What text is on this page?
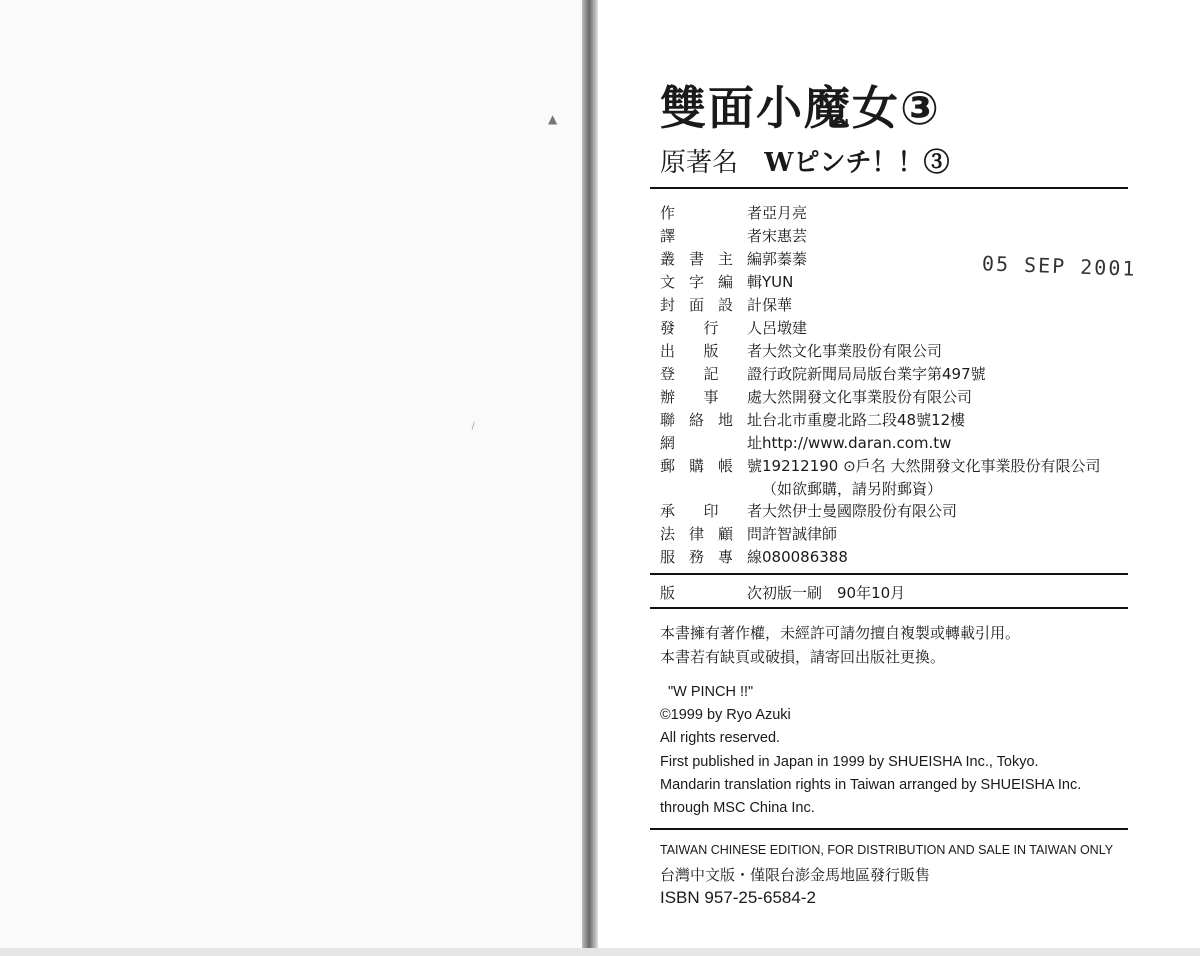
▲
﹨
雙面小魔女③
原著名 Wピンチ！！③
作　　者 亞月亮
譯　　者 宋惠芸
叢書主編 郭蓁蓁
文字編輯 YUN
封面設計 保華
發 行 人 呂墩建
出 版 者 大然文化事業股份有限公司
登 記 證 行政院新聞局局版台業字第497號
辦 事 處 大然開發文化事業股份有限公司
聯絡地址 台北市重慶北路二段48號12樓
網　　址 http://www.daran.com.tw
郵購帳號 19212190 ⊙戶名 大然開發文化事業股份有限公司
（如欲郵購，請另附郵資）
承 印 者 大然伊士曼國際股份有限公司
法律顧問 許智誠律師
服務專線 080086388
05 SEP 2001
版　　次 初版一刷　90年10月
本書擁有著作權，未經許可請勿擅自複製或轉載引用。
本書若有缺頁或破損，請寄回出版社更換。
"W PINCH !!"
©1999 by Ryo Azuki
All rights reserved.
First published in Japan in 1999 by SHUEISHA Inc., Tokyo.
Mandarin translation rights in Taiwan arranged by SHUEISHA Inc.
through MSC China Inc.
TAIWAN CHINESE EDITION, FOR DISTRIBUTION AND SALE IN TAIWAN ONLY
台灣中文版・僅限台澎金馬地區發行販售
ISBN 957-25-6584-2
